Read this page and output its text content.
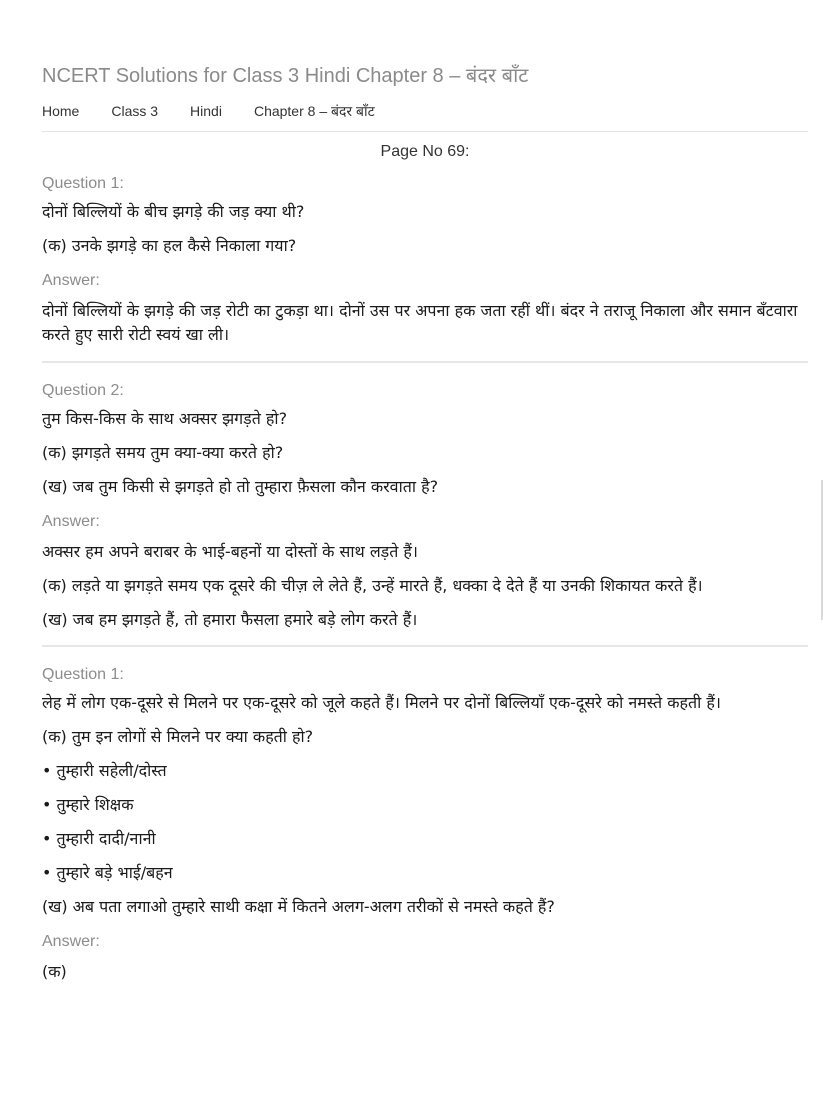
NCERT Solutions for Class 3 Hindi Chapter 8 – बंदर बाँट
Home Class 3 Hindi Chapter 8 – बंदर बाँट
Page No 69:
Question 1:

दोनों बिल्लियों के बीच झगड़े की जड़ क्या थी?

(क) उनके झगड़े का हल कैसे निकाला गया?

Answer:

दोनों बिल्लियों के झगड़े की जड़ रोटी का टुकड़ा था। दोनों उस पर अपना हक जता रहीं थीं। बंदर ने तराजू निकाला और समान बँटवारा करते हुए सारी रोटी स्वयं खा ली।

Question 2:

तुम किस-किस के साथ अक्सर झगड़ते हो?

(क) झगड़ते समय तुम क्या-क्या करते हो?

(ख) जब तुम किसी से झगड़ते हो तो तुम्हारा फ़ैसला कौन करवाता है?

Answer:

अक्सर हम अपने बराबर के भाई-बहनों या दोस्तों के साथ लड़ते हैं।

(क) लड़ते या झगड़ते समय एक दूसरे की चीज़ ले लेते हैं, उन्हें मारते हैं, धक्का दे देते हैं या उनकी शिकायत करते हैं।

(ख) जब हम झगड़ते हैं, तो हमारा फैसला हमारे बड़े लोग करते हैं।

Question 1:

लेह में लोग एक-दूसरे से मिलने पर एक-दूसरे को जूले कहते हैं। मिलने पर दोनों बिल्लियाँ एक-दूसरे को नमस्ते कहती हैं।

(क) तुम इन लोगों से मिलने पर क्या कहती हो?

• तुम्हारी सहेली/दोस्त

• तुम्हारे शिक्षक

• तुम्हारी दादी/नानी

• तुम्हारे बड़े भाई/बहन

(ख) अब पता लगाओ तुम्हारे साथी कक्षा में कितने अलग-अलग तरीकों से नमस्ते कहते हैं?

Answer:

(क)
